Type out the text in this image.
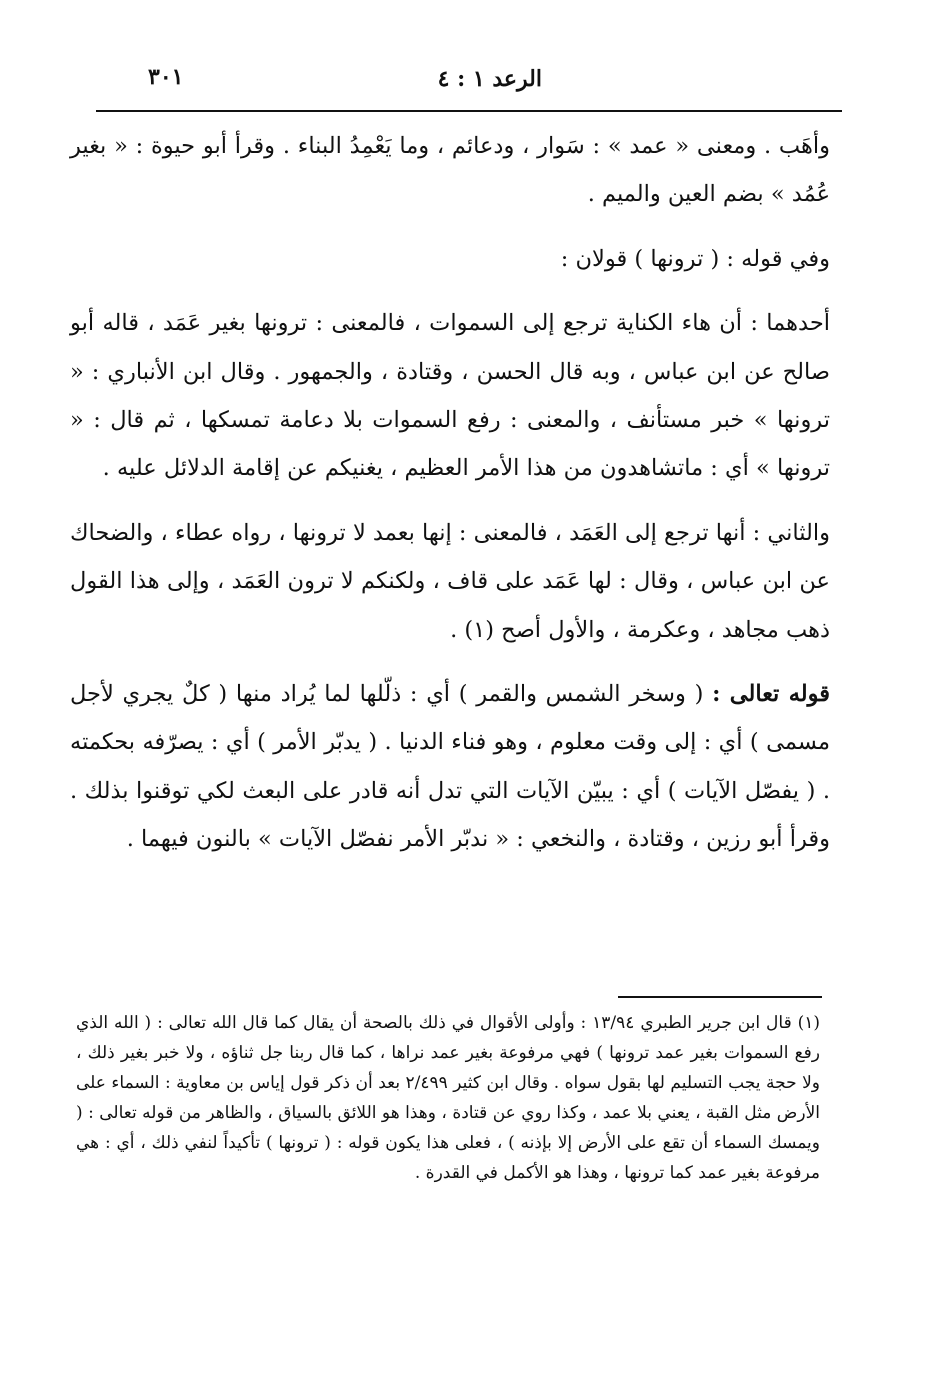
الرعد ١ : ٤
٣٠١

وأهَب . ومعنى « عمد » : سَوار ، ودعائم ، وما يَعْمِدُ البناء . وقرأ أبو حيوة : « بغير عُمُد » بضم العين والميم .

وفي قوله : ( ترونها ) قولان :

أحدهما : أن هاء الكناية ترجع إلى السموات ، فالمعنى : ترونها بغير عَمَد ، قاله أبو صالح عن ابن عباس ، وبه قال الحسن ، وقتادة ، والجمهور . وقال ابن الأنباري : « ترونها » خبر مستأنف ، والمعنى : رفع السموات بلا دعامة تمسكها ، ثم قال : « ترونها » أي : ماتشاهدون من هذا الأمر العظيم ، يغنيكم عن إقامة الدلائل عليه .

والثاني : أنها ترجع إلى العَمَد ، فالمعنى : إنها بعمد لا ترونها ، رواه عطاء ، والضحاك عن ابن عباس ، وقال : لها عَمَد على قاف ، ولكنكم لا ترون العَمَد ، وإلى هذا القول ذهب مجاهد ، وعكرمة ، والأول أصح (١) .

قوله تعالى : ( وسخر الشمس والقمر ) أي : ذلّلها لما يُراد منها ( كلٌ يجري لأجل مسمى ) أي : إلى وقت معلوم ، وهو فناء الدنيا . ( يدبّر الأمر ) أي : يصرّفه بحكمته . ( يفصّل الآيات ) أي : يبيّن الآيات التي تدل أنه قادر على البعث لكي توقنوا بذلك . وقرأ أبو رزين ، وقتادة ، والنخعي : « ندبّر الأمر نفصّل الآيات » بالنون فيهما .

(١) قال ابن جرير الطبري ١٣/٩٤ : وأولى الأقوال في ذلك بالصحة أن يقال كما قال الله تعالى : ( الله الذي رفع السموات بغير عمد ترونها ) فهي مرفوعة بغير عمد نراها ، كما قال ربنا جل ثناؤه ، ولا خبر بغير ذلك ، ولا حجة يجب التسليم لها بقول سواه . وقال ابن كثير ٢/٤٩٩ بعد أن ذكر قول إياس بن معاوية : السماء على الأرض مثل القبة ، يعني بلا عمد ، وكذا روي عن قتادة ، وهذا هو اللائق بالسياق ، والظاهر من قوله تعالى : ( ويمسك السماء أن تقع على الأرض إلا بإذنه ) ، فعلى هذا يكون قوله : ( ترونها ) تأكيداً لنفي ذلك ، أي : هي مرفوعة بغير عمد كما ترونها ، وهذا هو الأكمل في القدرة .
